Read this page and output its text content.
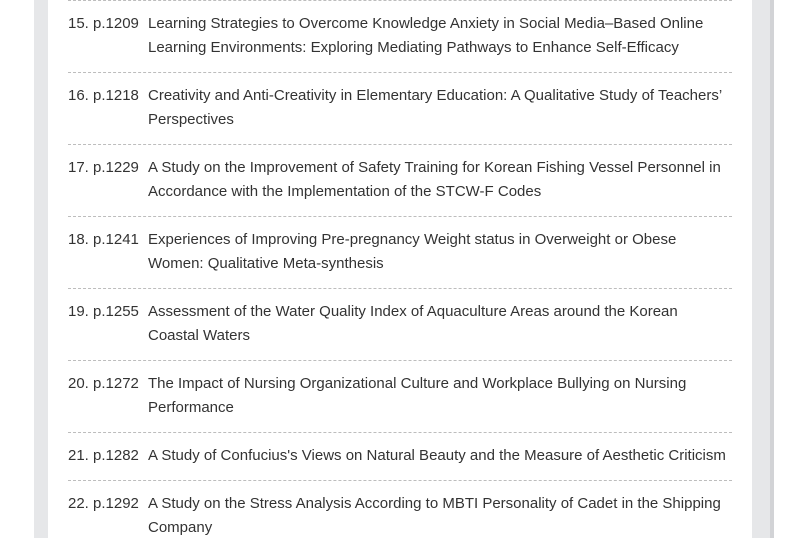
15. p.1209 Learning Strategies to Overcome Knowledge Anxiety in Social Media–Based Online Learning Environments: Exploring Mediating Pathways to Enhance Self-Efficacy
16. p.1218 Creativity and Anti-Creativity in Elementary Education: A Qualitative Study of Teachers’ Perspectives
17. p.1229 A Study on the Improvement of Safety Training for Korean Fishing Vessel Personnel in Accordance with the Implementation of the STCW-F Codes
18. p.1241 Experiences of Improving Pre-pregnancy Weight status in Overweight or Obese Women: Qualitative Meta-synthesis
19. p.1255 Assessment of the Water Quality Index of Aquaculture Areas around the Korean Coastal Waters
20. p.1272 The Impact of Nursing Organizational Culture and Workplace Bullying on Nursing Performance
21. p.1282 A Study of Confucius's Views on Natural Beauty and the Measure of Aesthetic Criticism
22. p.1292 A Study on the Stress Analysis According to MBTI Personality of Cadet in the Shipping Company
